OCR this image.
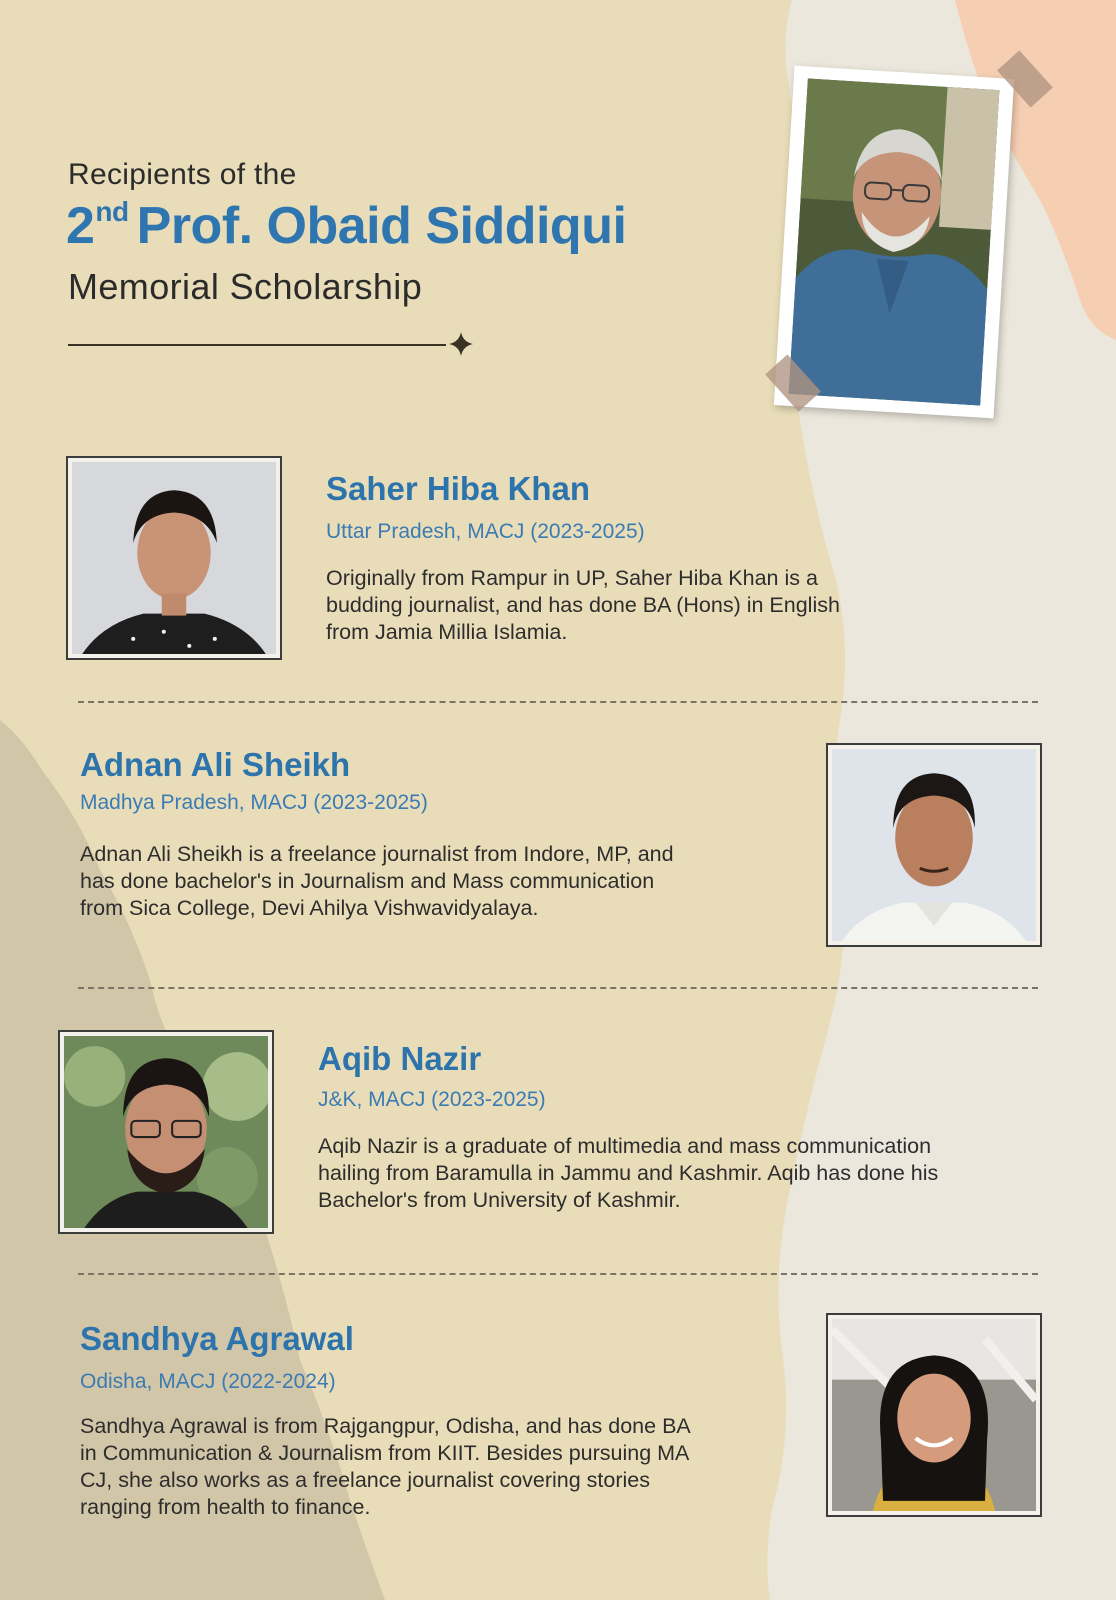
Recipients of the
2nd Prof. Obaid Siddiqui
Memorial Scholarship
Saher Hiba Khan
Uttar Pradesh, MACJ (2023-2025)
Originally from Rampur in UP, Saher Hiba Khan is a
budding journalist, and has done BA (Hons) in English
from Jamia Millia Islamia.
Adnan Ali Sheikh
Madhya Pradesh, MACJ (2023-2025)
Adnan Ali Sheikh is a freelance journalist from Indore, MP, and
has done bachelor's in Journalism and Mass communication
from Sica College, Devi Ahilya Vishwavidyalaya.
Aqib Nazir
J&K, MACJ (2023-2025)
Aqib Nazir is a graduate of multimedia and mass communication
hailing from Baramulla in Jammu and Kashmir. Aqib has done his
Bachelor's from University of Kashmir.
Sandhya Agrawal
Odisha, MACJ (2022-2024)
Sandhya Agrawal is from Rajgangpur, Odisha, and has done BA
in Communication & Journalism from KIIT. Besides pursuing MA
CJ, she also works as a freelance journalist covering stories
ranging from health to finance.
